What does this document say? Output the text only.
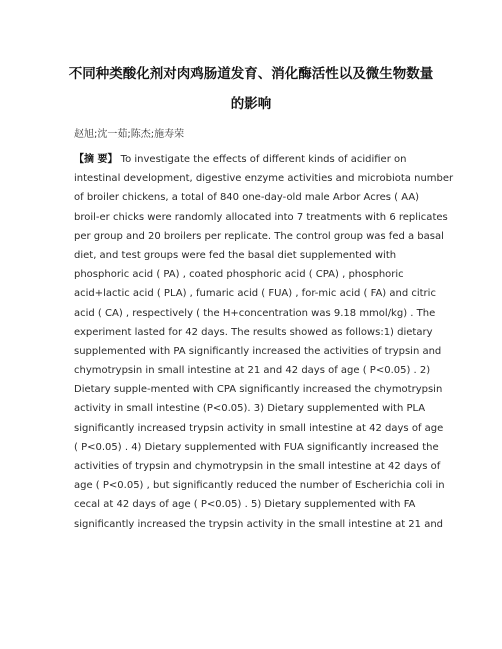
不同种类酸化剂对肉鸡肠道发育、消化酶活性以及微生物数量
的影响
赵旭;沈一茹;陈杰;施寿荣
【摘 要】 To investigate the effects of different kinds of acidifier on
intestinal development, digestive enzyme activities and microbiota number
of broiler chickens, a total of 840 one-day-old male Arbor Acres ( AA)
broil-er chicks were randomly allocated into 7 treatments with 6 replicates
per group and 20 broilers per replicate. The control group was fed a basal
diet, and test groups were fed the basal diet supplemented with
phosphoric acid ( PA) , coated phosphoric acid ( CPA) , phosphoric
acid+lactic acid ( PLA) , fumaric acid ( FUA) , for-mic acid ( FA) and citric
acid ( CA) , respectively ( the H+concentration was 9.18 mmol/kg) . The
experiment lasted for 42 days. The results showed as follows:1) dietary
supplemented with PA significantly increased the activities of trypsin and
chymotrypsin in small intestine at 21 and 42 days of age ( P<0.05) . 2)
Dietary supple-mented with CPA significantly increased the chymotrypsin
activity in small intestine (P<0.05). 3) Dietary supplemented with PLA
significantly increased trypsin activity in small intestine at 42 days of age
( P<0.05) . 4) Dietary supplemented with FUA significantly increased the
activities of trypsin and chymotrypsin in the small intestine at 42 days of
age ( P<0.05) , but significantly reduced the number of Escherichia coli in
cecal at 42 days of age ( P<0.05) . 5) Dietary supplemented with FA
significantly increased the trypsin activity in the small intestine at 21 and
